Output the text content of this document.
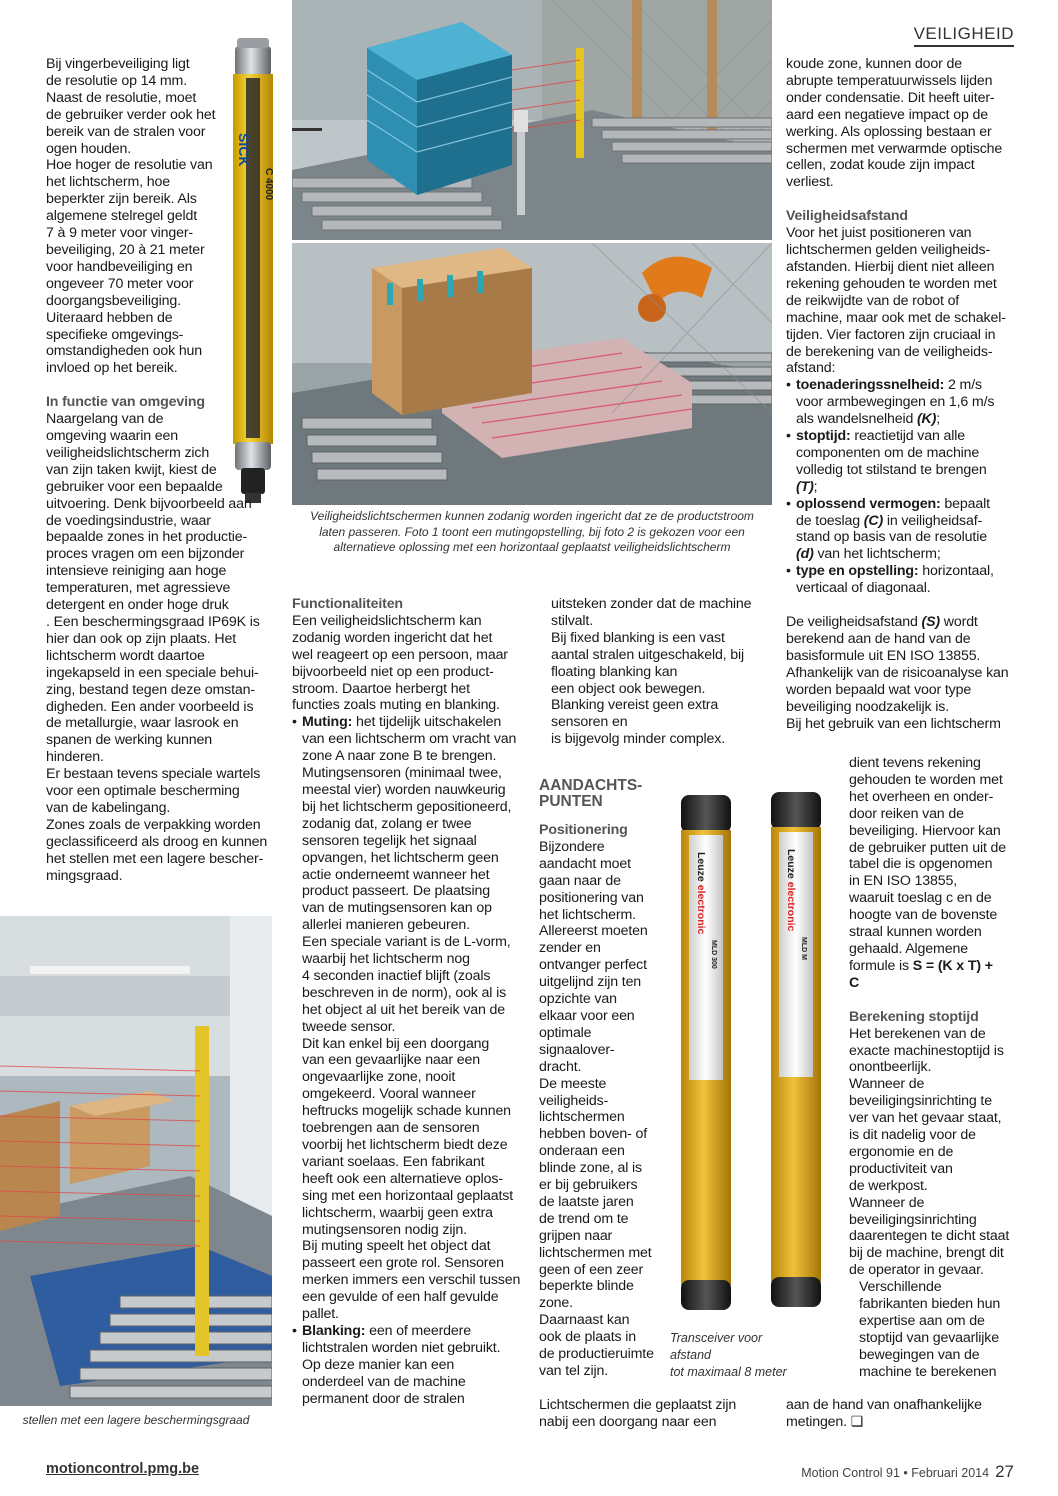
VEILIGHEID
SICK
C 4000
Veiligheidslichtschermen kunnen zodanig worden ingericht dat ze de productstroom
laten passeren. Foto 1 toont een mutingopstelling, bij foto 2 is gekozen voor een
alternatieve oplossing met een horizontaal geplaatst veiligheidslichtscherm
stellen met een lagere beschermingsgraad
Leuzeelectronic
MLD 300
Leuzeelectronic
MLD M
Transceiver voor afstand
tot maximaal 8 meter

Bij vingerbeveiliging ligt
de resolutie op 14 mm.
Naast de resolutie, moet
de gebruiker verder ook het
bereik van de stralen voor
ogen houden.

Hoe hoger de resolutie van
het lichtscherm, hoe
beperkter zijn bereik. Als
algemene stelregel geldt
7 à 9 meter voor vinger-
beveiliging, 20 à 21 meter
voor handbeveiliging en
ongeveer 70 meter voor
doorgangsbeveiliging.
Uiteraard hebben de
specifieke omgevings-
omstandigheden ook hun
invloed op het bereik.

In functie van omgeving

Naargelang van de
omgeving waarin een
veiligheidslichtscherm zich
van zijn taken kwijt, kiest de
gebruiker voor een bepaalde
uitvoering. Denk bijvoorbeeld aan
de voedingsindustrie, waar
bepaalde zones in het productie-
proces vragen om een bijzonder
intensieve reiniging aan hoge
temperaturen, met agressieve
detergent en onder hoge druk
. Een beschermingsgraad IP69K is
hier dan ook op zijn plaats. Het
lichtscherm wordt daartoe
ingekapseld in een speciale behui-
zing, bestand tegen deze omstan-
digheden. Een ander voorbeeld is
de metallurgie, waar lasrook en
spanen de werking kunnen
hinderen.

Er bestaan tevens speciale wartels
voor een optimale bescherming
van de kabelingang.

Zones zoals de verpakking worden
geclassificeerd als droog en kunnen
het stellen met een lagere bescher-
mingsgraad.

Functionaliteiten

Een veiligheidslichtscherm kan
zodanig worden ingericht dat het
wel reageert op een persoon, maar
bijvoorbeeld niet op een product-
stroom. Daartoe herbergt het
functies zoals muting en blanking.

• Muting: het tijdelijk uitschakelen
van een lichtscherm om vracht van
zone A naar zone B te brengen.
Mutingsensoren (minimaal twee,
meestal vier) worden nauwkeurig
bij het lichtscherm gepositioneerd,
zodanig dat, zolang er twee
sensoren tegelijk het signaal
opvangen, het lichtscherm geen
actie onderneemt wanneer het
product passeert. De plaatsing
van de mutingsensoren kan op
allerlei manieren gebeuren.
Een speciale variant is de L-vorm,
waarbij het lichtscherm nog
4 seconden inactief blijft (zoals
beschreven in de norm), ook al is
het object al uit het bereik van de
tweede sensor.
Dit kan enkel bij een doorgang
van een gevaarlijke naar een
ongevaarlijke zone, nooit
omgekeerd. Vooral wanneer
heftrucks mogelijk schade kunnen
toebrengen aan de sensoren
voorbij het lichtscherm biedt deze
variant soelaas. Een fabrikant
heeft ook een alternatieve oplos-
sing met een horizontaal geplaatst
lichtscherm, waarbij geen extra
mutingsensoren nodig zijn.
Bij muting speelt het object dat
passeert een grote rol. Sensoren
merken immers een verschil tussen
een gevulde of een half gevulde
pallet.
• Blanking: een of meerdere
lichtstralen worden niet gebruikt.
Op deze manier kan een
onderdeel van de machine
permanent door de stralen

uitsteken zonder dat de machine
stilvalt.
Bij fixed blanking is een vast
aantal stralen uitgeschakeld, bij
floating blanking kan
een object ook bewegen.
Blanking vereist geen extra
sensoren en
is bijgevolg minder complex.

AANDACHTS-
PUNTEN
Positionering

Bijzondere
aandacht moet
gaan naar de
positionering van
het lichtscherm.
Allereerst moeten
zender en
ontvanger perfect
uitgelijnd zijn ten
opzichte van
elkaar voor een
optimale
signaalover-
dracht.
De meeste
veiligheids-
lichtschermen
hebben boven- of
onderaan een
blinde zone, al is
er bij gebruikers
de laatste jaren
de trend om te
grijpen naar
lichtschermen met
geen of een zeer
beperkte blinde
zone.
Daarnaast kan
ook de plaats in
de productieruimte
van tel zijn.

Lichtschermen die geplaatst zijn
nabij een doorgang naar een

koude zone, kunnen door de
abrupte temperatuurwissels lijden
onder condensatie. Dit heeft uiter-
aard een negatieve impact op de
werking. Als oplossing bestaan er
schermen met verwarmde optische
cellen, zodat koude zijn impact
verliest.

Veiligheidsafstand

Voor het juist positioneren van
lichtschermen gelden veiligheids-
afstanden. Hierbij dient niet alleen
rekening gehouden te worden met
de reikwijdte van de robot of
machine, maar ook met de schakel-
tijden. Vier factoren zijn cruciaal in
de berekening van de veiligheids-
afstand:

• toenaderingssnelheid: 2 m/s
voor armbewegingen en 1,6 m/s
als wandelsnelheid (K);
• stoptijd: reactietijd van alle
componenten om de machine
volledig tot stilstand te brengen
(T);
• oplossend vermogen: bepaalt
de toeslag (C) in veiligheidsaf-
stand op basis van de resolutie
(d) van het lichtscherm;
• type en opstelling: horizontaal,
verticaal of diagonaal.

De veiligheidsafstand (S) wordt
berekend aan de hand van de
basisformule uit EN ISO 13855.
Afhankelijk van de risicoanalyse kan
worden bepaald wat voor type
beveiliging noodzakelijk is.

Bij het gebruik van een lichtscherm

dient tevens rekening
gehouden te worden met
het overheen en onder-
door reiken van de
beveiliging. Hiervoor kan
de gebruiker putten uit de
tabel die is opgenomen
in EN ISO 13855,
waaruit toeslag c en de
hoogte van de bovenste
straal kunnen worden
gehaald. Algemene
formule is S = (K x T) +
C

Berekening stoptijd

Het berekenen van de
exacte machinestoptijd is
onontbeerlijk.
Wanneer de
beveiligingsinrichting te
ver van het gevaar staat,
is dit nadelig voor de
ergonomie en de
productiviteit van
de werkpost.
Wanneer de
beveiligingsinrichting
daarentegen te dicht staat
bij de machine, brengt dit
de operator in gevaar.

Verschillende
fabrikanten bieden hun
expertise aan om de
stoptijd van gevaarlijke
bewegingen van de
machine te berekenen

aan de hand van onafhankelijke
metingen. ❏

motioncontrol.pmg.be	Motion Control 91 • Februari 2014 27
